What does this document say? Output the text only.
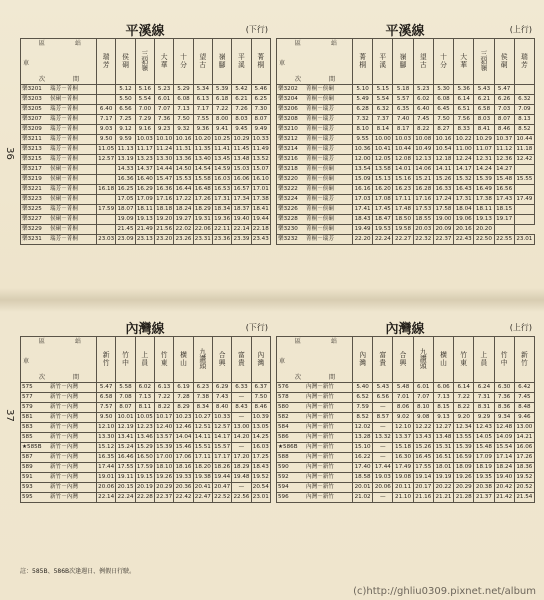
36
37
平溪線	(下行)
區 站
車
次 間	瑞芳	侯硐	三貂嶺	大華	十分	望古	嶺腳	平溪	菁桐
樂3201 瑞芳－菁桐		5.12	5.16	5.23	5.29	5.34	5.39	5.42	5.46
樂3203 侯硐－菁桐		5.50	5.54	6.01	6.08	6.13	6.18	6.21	6.25
樂3205 瑞芳－菁桐	6.40	6.56	7.00	7.07	7.13	7.17	7.22	7.26	7.30
樂3207 瑞芳－菁桐	7.17	7.25	7.29	7.36	7.50	7.55	8.00	8.03	8.07
樂3209 瑞芳－菁桐	9.03	9.12	9.16	9.23	9.32	9.36	9.41	9.45	9.49
樂3211 瑞芳－菁桐	9.50	9.59	10.03	10.10	10.16	10.20	10.25	10.29	10.33
樂3213 瑞芳－菁桐	11.05	11.13	11.17	11.24	11.31	11.35	11.41	11.45	11.49
樂3215 瑞芳－菁桐	12.57	13.19	13.23	13.30	13.36	13.40	13.45	13.48	13.52
樂3217 侯硐－菁桐		14.33	14.37	14.44	14.50	14.54	14.59	15.03	15.07
樂3219 侯硐－菁桐		16.36	16.40	15.47	15.53	15.58	16.03	16.06	16.10
樂3221 瑞芳－菁桐	16.18	16.25	16.29	16.36	16.44	16.48	16.53	16.57	17.01
樂3223 侯硐－菁桐		17.05	17.09	17.16	17.22	17.26	17.31	17.34	17.38
樂3225 瑞芳－菁桐	17.59	18.07	18.11	18.18	18.24	18.29	18.34	18.37	18.41
樂3227 侯硐－菁桐		19.09	19.13	19.20	19.27	19.31	19.36	19.40	19.44
樂3229 侯硐－菁桐		21.45	21.49	21.56	22.02	22.06	22.11	22.14	22.18
樂3231 瑞芳－菁桐	23.03	23.09	23.13	23.20	23.26	23.31	23.36	23.39	23.43
平溪線	(上行)
區 站
車
次 間	菁桐	平溪	嶺腳	望古	十分	大華	三貂嶺	侯硐	瑞芳
樂3202 菁桐－侯硐	5.10	5.15	5.18	5.23	5.30	5.36	5.43	5.47	
樂3204 菁桐－侯硐	5.49	5.54	5.57	6.02	6.08	6.14	6.21	6.26	6.32
樂3206 菁桐－瑞芳	6.28	6.32	6.35	6.40	6.45	6.51	6.58	7.03	7.09
樂3208 菁桐－瑞芳	7.32	7.37	7.40	7.45	7.50	7.56	8.03	8.07	8.13
樂3210 菁桐－瑞芳	8.10	8.14	8.17	8.22	8.27	8.33	8.41	8.46	8.52
樂3212 菁桐－瑞芳	9.55	10.00	10.03	10.08	10.16	10.22	10.29	10.37	10.44
樂3214 菁桐－瑞芳	10.36	10.41	10.44	10.49	10.54	11.00	11.07	11.12	11.18
樂3216 菁桐－瑞芳	12.00	12.05	12.08	12.13	12.18	12.24	12.31	12.36	12.42
樂3218 菁桐－侯硐	13.54	13.58	14.01	14.06	14.11	14.17	14.24	14.27	
樂3220 菁桐－侯硐	15.09	15.13	15.16	15.21	15.26	15.32	15.39	15.48	15.55
樂3222 菁桐－侯硐	16.16	16.20	16.23	16.28	16.33	16.43	16.49	16.56	
樂3224 菁桐－瑞芳	17.03	17.08	17.11	17.16	17.24	17.31	17.38	17.43	17.49
樂3226 菁桐－侯硐	17.41	17.45	17.48	17.53	17.58	18.04	18.11	18.15	
樂3228 菁桐－侯硐	18.43	18.47	18.50	18.55	19.00	19.06	19.13	19.17	
樂3230 菁桐－侯硐	19.49	19.53	19.58	20.03	20.09	20.16	20.20		
樂3232 菁桐－瑞芳	22.20	22.24	22.27	22.32	22.37	22.43	22.50	22.55	23.01
內灣線	(下行)
區 站
車
次 間	新竹	竹中	上員	竹東	横山	九讚頭	合興	富貴	內灣
575 新竹－內灣	5.47	5.58	6.02	6.13	6.19	6.23	6.29	6.33	6.37
577 新竹－內灣	6.58	7.08	7.13	7.22	7.28	7.38	7.43	—	7.50
579 新竹－內灣	7.57	8.07	8.11	8.22	8.29	8.34	8.40	8.43	8.46
581 新竹－內灣	9.50	10.01	10.05	10.17	10.23	10.27	10.33	—	10.39
583 新竹－內灣	12.10	12.19	12.23	12.40	12.46	12.51	12.57	13.00	13.05
585 新竹－內灣	13.30	13.41	13.46	13.57	14.04	14.11	14.17	14.20	14.25
★585B 新竹－內灣	15.12	15.24	15.29	15.39	15.46	15.51	15.57	—	16.03
587 新竹－內灣	16.35	16.46	16.50	17.00	17.06	17.11	17.17	17.20	17.25
589 新竹－內灣	17.44	17.55	17.59	18.10	18.16	18.20	18.26	18.29	18.43
591 新竹－內灣	19.01	19.11	19.15	19.26	19.33	19.38	19.44	19.48	19.52
593 新竹－內灣	20.06	20.15	20.19	20.29	20.36	20.41	20.47	—	20.54
595 新竹－內灣	22.14	22.24	22.28	22.37	22.42	22.47	22.52	22.56	23.01
內灣線	(上行)
區 站
車
次 間	內灣	富貴	合興	九讚頭	横山	竹東	上員	竹中	新竹
576 內灣－新竹	5.40	5.43	5.48	6.01	6.06	6.14	6.24	6.30	6.42
578 內灣－新竹	6.52	6.56	7.01	7.07	7.13	7.22	7.31	7.36	7.45
580 內灣－新竹	7.59	—	8.06	8.10	8.15	8.22	8.31	8.36	8.48
582 內灣－新竹	8.52	8.57	9.02	9.08	9.13	9.20	9.29	9.34	9.46
584 內灣－新竹	12.02	—	12.10	12.22	12.27	12.34	12.43	12.48	13.00
586 內灣－新竹	13.28	13.32	13.37	13.43	13.48	13.55	14.05	14.09	14.21
★586B 內灣－新竹	15.10	—	15.18	15.26	15.31	15.39	15.48	15.54	16.06
588 內灣－新竹	16.22	—	16.30	16.45	16.51	16.59	17.09	17.14	17.26
590 內灣－新竹	17.40	17.44	17.49	17.55	18.01	18.09	18.19	18.24	18.36
592 內灣－新竹	18.58	19.03	19.08	19.14	19.19	19.26	19.35	19.40	19.52
594 內灣－新竹	20.01	20.06	20.11	20.17	20.22	20.29	20.38	20.42	20.52
596 內灣－新竹	21.02	—	21.10	21.16	21.21	21.28	21.37	21.42	21.54
註：585B、586B次逢週日、例假日行駛。
(c)http://ghliu0309.pixnet.net/album
